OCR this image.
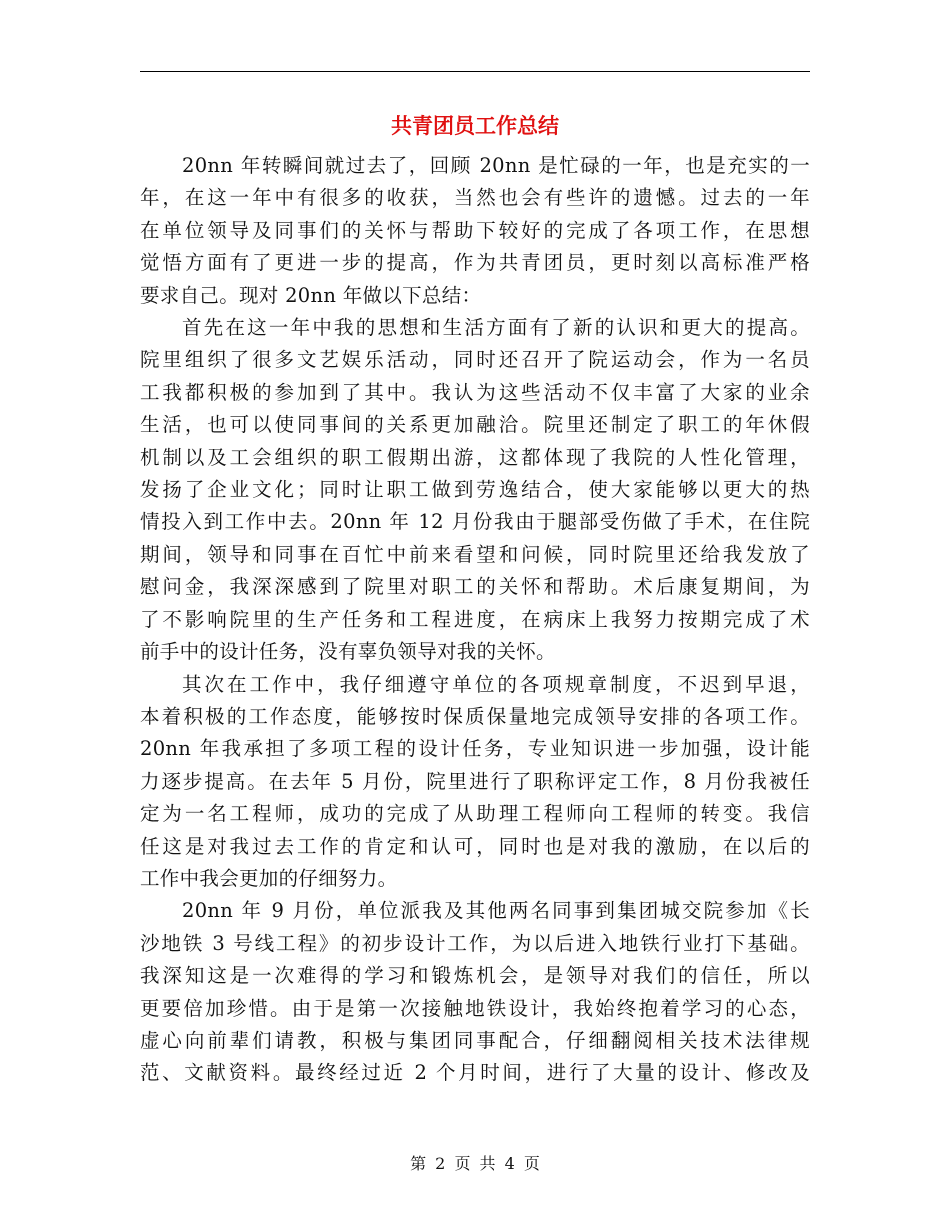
共青团员工作总结
20nn 年转瞬间就过去了，回顾 20nn 是忙碌的一年，也是充实的一
年，在这一年中有很多的收获，当然也会有些许的遗憾。过去的一年
在单位领导及同事们的关怀与帮助下较好的完成了各项工作，在思想
觉悟方面有了更进一步的提高，作为共青团员，更时刻以高标准严格
要求自己。现对 20nn 年做以下总结：
首先在这一年中我的思想和生活方面有了新的认识和更大的提高。
院里组织了很多文艺娱乐活动，同时还召开了院运动会，作为一名员
工我都积极的参加到了其中。我认为这些活动不仅丰富了大家的业余
生活，也可以使同事间的关系更加融洽。院里还制定了职工的年休假
机制以及工会组织的职工假期出游，这都体现了我院的人性化管理，
发扬了企业文化；同时让职工做到劳逸结合，使大家能够以更大的热
情投入到工作中去。20nn 年 12 月份我由于腿部受伤做了手术，在住院
期间，领导和同事在百忙中前来看望和问候，同时院里还给我发放了
慰问金，我深深感到了院里对职工的关怀和帮助。术后康复期间，为
了不影响院里的生产任务和工程进度，在病床上我努力按期完成了术
前手中的设计任务，没有辜负领导对我的关怀。
其次在工作中，我仔细遵守单位的各项规章制度，不迟到早退，
本着积极的工作态度，能够按时保质保量地完成领导安排的各项工作。
20nn 年我承担了多项工程的设计任务，专业知识进一步加强，设计能
力逐步提高。在去年 5 月份，院里进行了职称评定工作，8 月份我被任
定为一名工程师，成功的完成了从助理工程师向工程师的转变。我信
任这是对我过去工作的肯定和认可，同时也是对我的激励，在以后的
工作中我会更加的仔细努力。
20nn 年 9 月份，单位派我及其他两名同事到集团城交院参加《长
沙地铁 3 号线工程》的初步设计工作，为以后进入地铁行业打下基础。
我深知这是一次难得的学习和锻炼机会，是领导对我们的信任，所以
更要倍加珍惜。由于是第一次接触地铁设计，我始终抱着学习的心态，
虚心向前辈们请教，积极与集团同事配合，仔细翻阅相关技术法律规
范、文献资料。最终经过近 2 个月时间，进行了大量的设计、修改及
第 2 页 共 4 页
